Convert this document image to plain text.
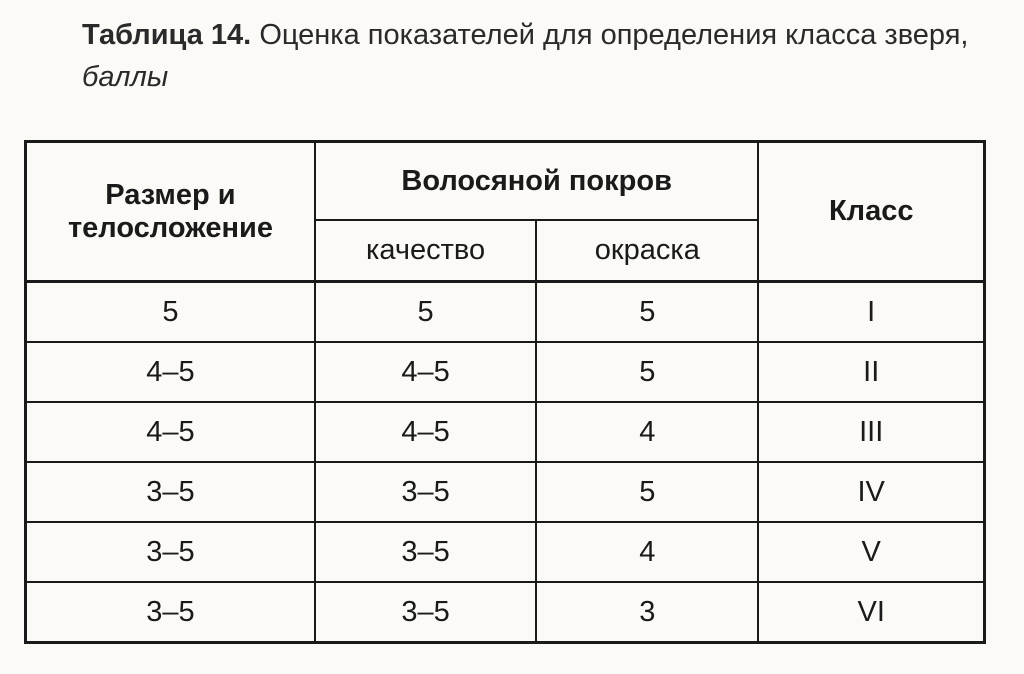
Таблица 14. Оценка показателей для определения класса зверя, баллы
Размер и телосложение	Волосяной покров		Класс
	качество	окраска	
5	5	5	I
4–5	4–5	5	II
4–5	4–5	4	III
3–5	3–5	5	IV
3–5	3–5	4	V
3–5	3–5	3	VI
